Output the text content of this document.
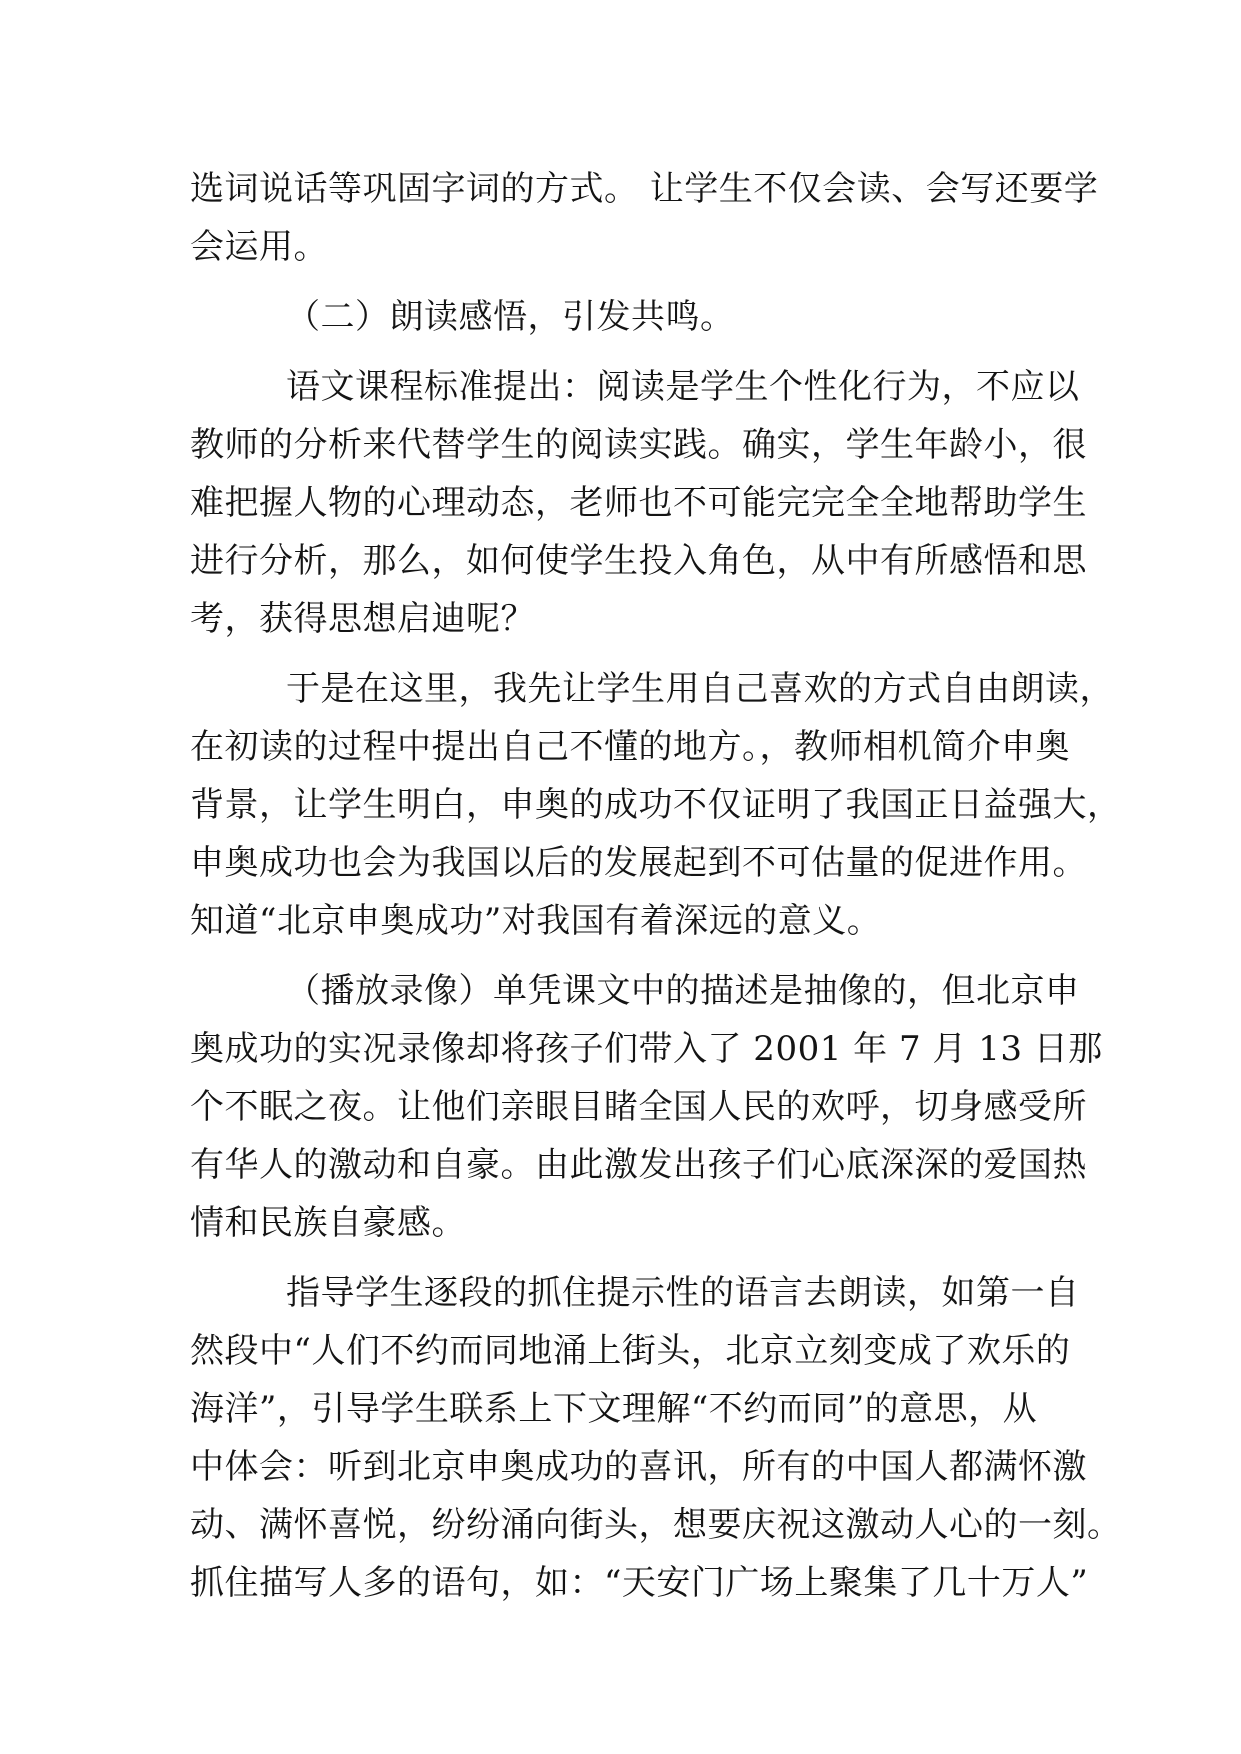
选词说话等巩固字词的方式。 让学生不仅会读、会写还要学
会运用。
（二）朗读感悟，引发共鸣。
语文课程标准提出：阅读是学生个性化行为，不应以
教师的分析来代替学生的阅读实践。确实，学生年龄小，很
难把握人物的心理动态，老师也不可能完完全全地帮助学生
进行分析，那么，如何使学生投入角色，从中有所感悟和思
考，获得思想启迪呢？
于是在这里，我先让学生用自己喜欢的方式自由朗读，
在初读的过程中提出自己不懂的地方。，教师相机简介申奥
背景，让学生明白，申奥的成功不仅证明了我国正日益强大，
申奥成功也会为我国以后的发展起到不可估量的促进作用。
知道“北京申奥成功”对我国有着深远的意义。
（播放录像）单凭课文中的描述是抽像的，但北京申
奥成功的实况录像却将孩子们带入了 2001 年 7 月 13 日那
个不眠之夜。让他们亲眼目睹全国人民的欢呼，切身感受所
有华人的激动和自豪。由此激发出孩子们心底深深的爱国热
情和民族自豪感。
指导学生逐段的抓住提示性的语言去朗读，如第一自
然段中“人们不约而同地涌上街头，北京立刻变成了欢乐的
海洋”，引导学生联系上下文理解“不约而同”的意思，从
中体会：听到北京申奥成功的喜讯，所有的中国人都满怀激
动、满怀喜悦，纷纷涌向街头，想要庆祝这激动人心的一刻。
抓住描写人多的语句，如：“天安门广场上聚集了几十万人”
